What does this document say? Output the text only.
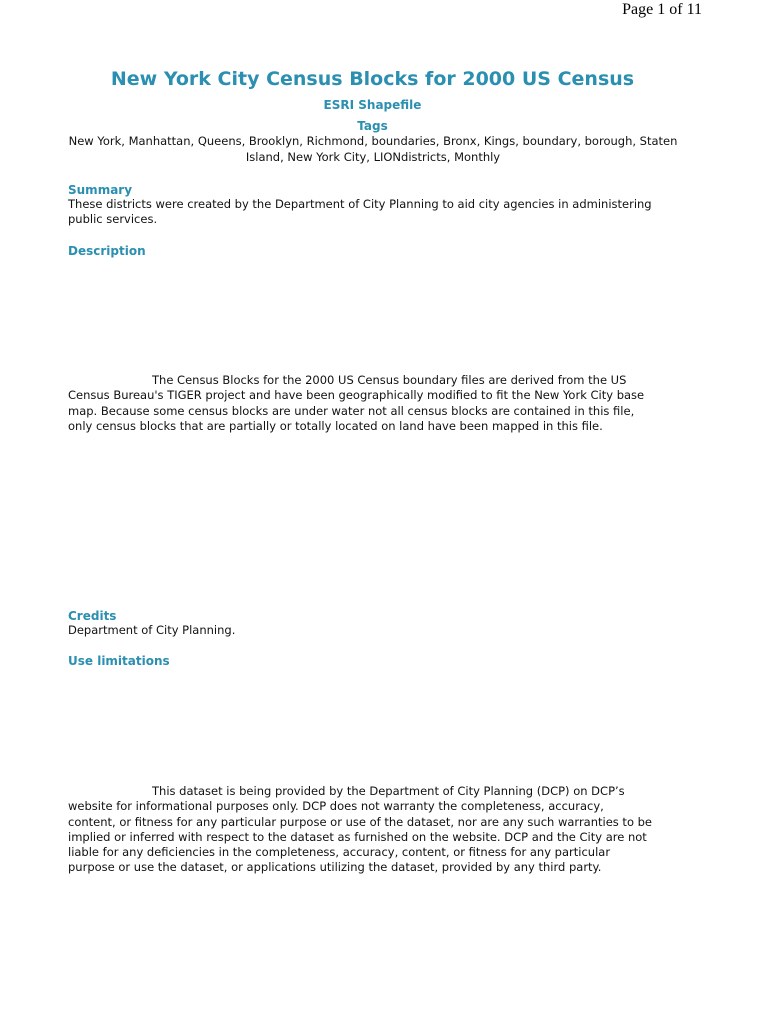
Page 1 of 11
New York City Census Blocks for 2000 US Census
ESRI Shapefile
Tags
New York, Manhattan, Queens, Brooklyn, Richmond, boundaries, Bronx, Kings, boundary, borough, Staten Island, New York City, LIONdistricts, Monthly
Summary
These districts were created by the Department of City Planning to aid city agencies in administering public services.
Description
The Census Blocks for the 2000 US Census boundary files are derived from the US Census Bureau's TIGER project and have been geographically modified to fit the New York City base map. Because some census blocks are under water not all census blocks are contained in this file, only census blocks that are partially or totally located on land have been mapped in this file.
Credits
Department of City Planning.
Use limitations
This dataset is being provided by the Department of City Planning (DCP) on DCP’s website for informational purposes only. DCP does not warranty the completeness, accuracy, content, or fitness for any particular purpose or use of the dataset, nor are any such warranties to be implied or inferred with respect to the dataset as furnished on the website. DCP and the City are not liable for any deficiencies in the completeness, accuracy, content, or fitness for any particular purpose or use the dataset, or applications utilizing the dataset, provided by any third party.
